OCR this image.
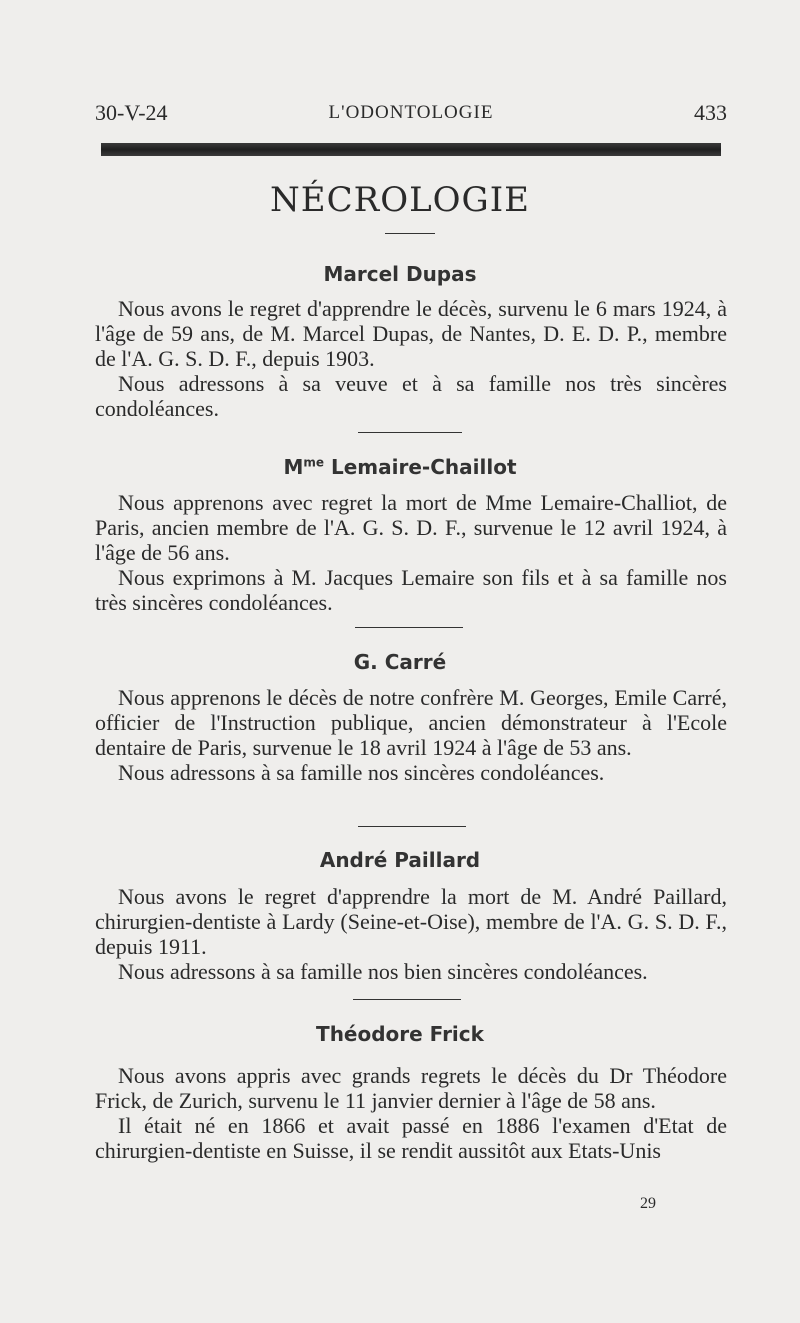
30-V-24	L'ODONTOLOGIE	433
NÉCROLOGIE
Marcel Dupas

Nous avons le regret d'apprendre le décès, survenu le 6 mars 1924, à l'âge de 59 ans, de M. Marcel Dupas, de Nantes, D. E. D. P., membre de l'A. G. S. D. F., depuis 1903.

Nous adressons à sa veuve et à sa famille nos très sincères condoléances.

$M^{me}$ Lemaire-Chaillot

Nous apprenons avec regret la mort de Mme Lemaire-Challiot, de Paris, ancien membre de l'A. G. S. D. F., survenue le 12 avril 1924, à l'âge de 56 ans.

Nous exprimons à M. Jacques Lemaire son fils et à sa famille nos très sincères condoléances.

G. Carré

Nous apprenons le décès de notre confrère M. Georges, Emile Carré, officier de l'Instruction publique, ancien démonstrateur à l'Ecole dentaire de Paris, survenue le 18 avril 1924 à l'âge de 53 ans.

Nous adressons à sa famille nos sincères condoléances.

André Paillard

Nous avons le regret d'apprendre la mort de M. André Paillard, chirurgien-dentiste à Lardy (Seine-et-Oise), membre de l'A. G. S. D. F., depuis 1911.

Nous adressons à sa famille nos bien sincères condoléances.

Théodore Frick

Nous avons appris avec grands regrets le décès du Dr Théodore Frick, de Zurich, survenu le 11 janvier dernier à l'âge de 58 ans.

Il était né en 1866 et avait passé en 1886 l'examen d'Etat de chirurgien-dentiste en Suisse, il se rendit aussitôt aux Etats-Unis

29
